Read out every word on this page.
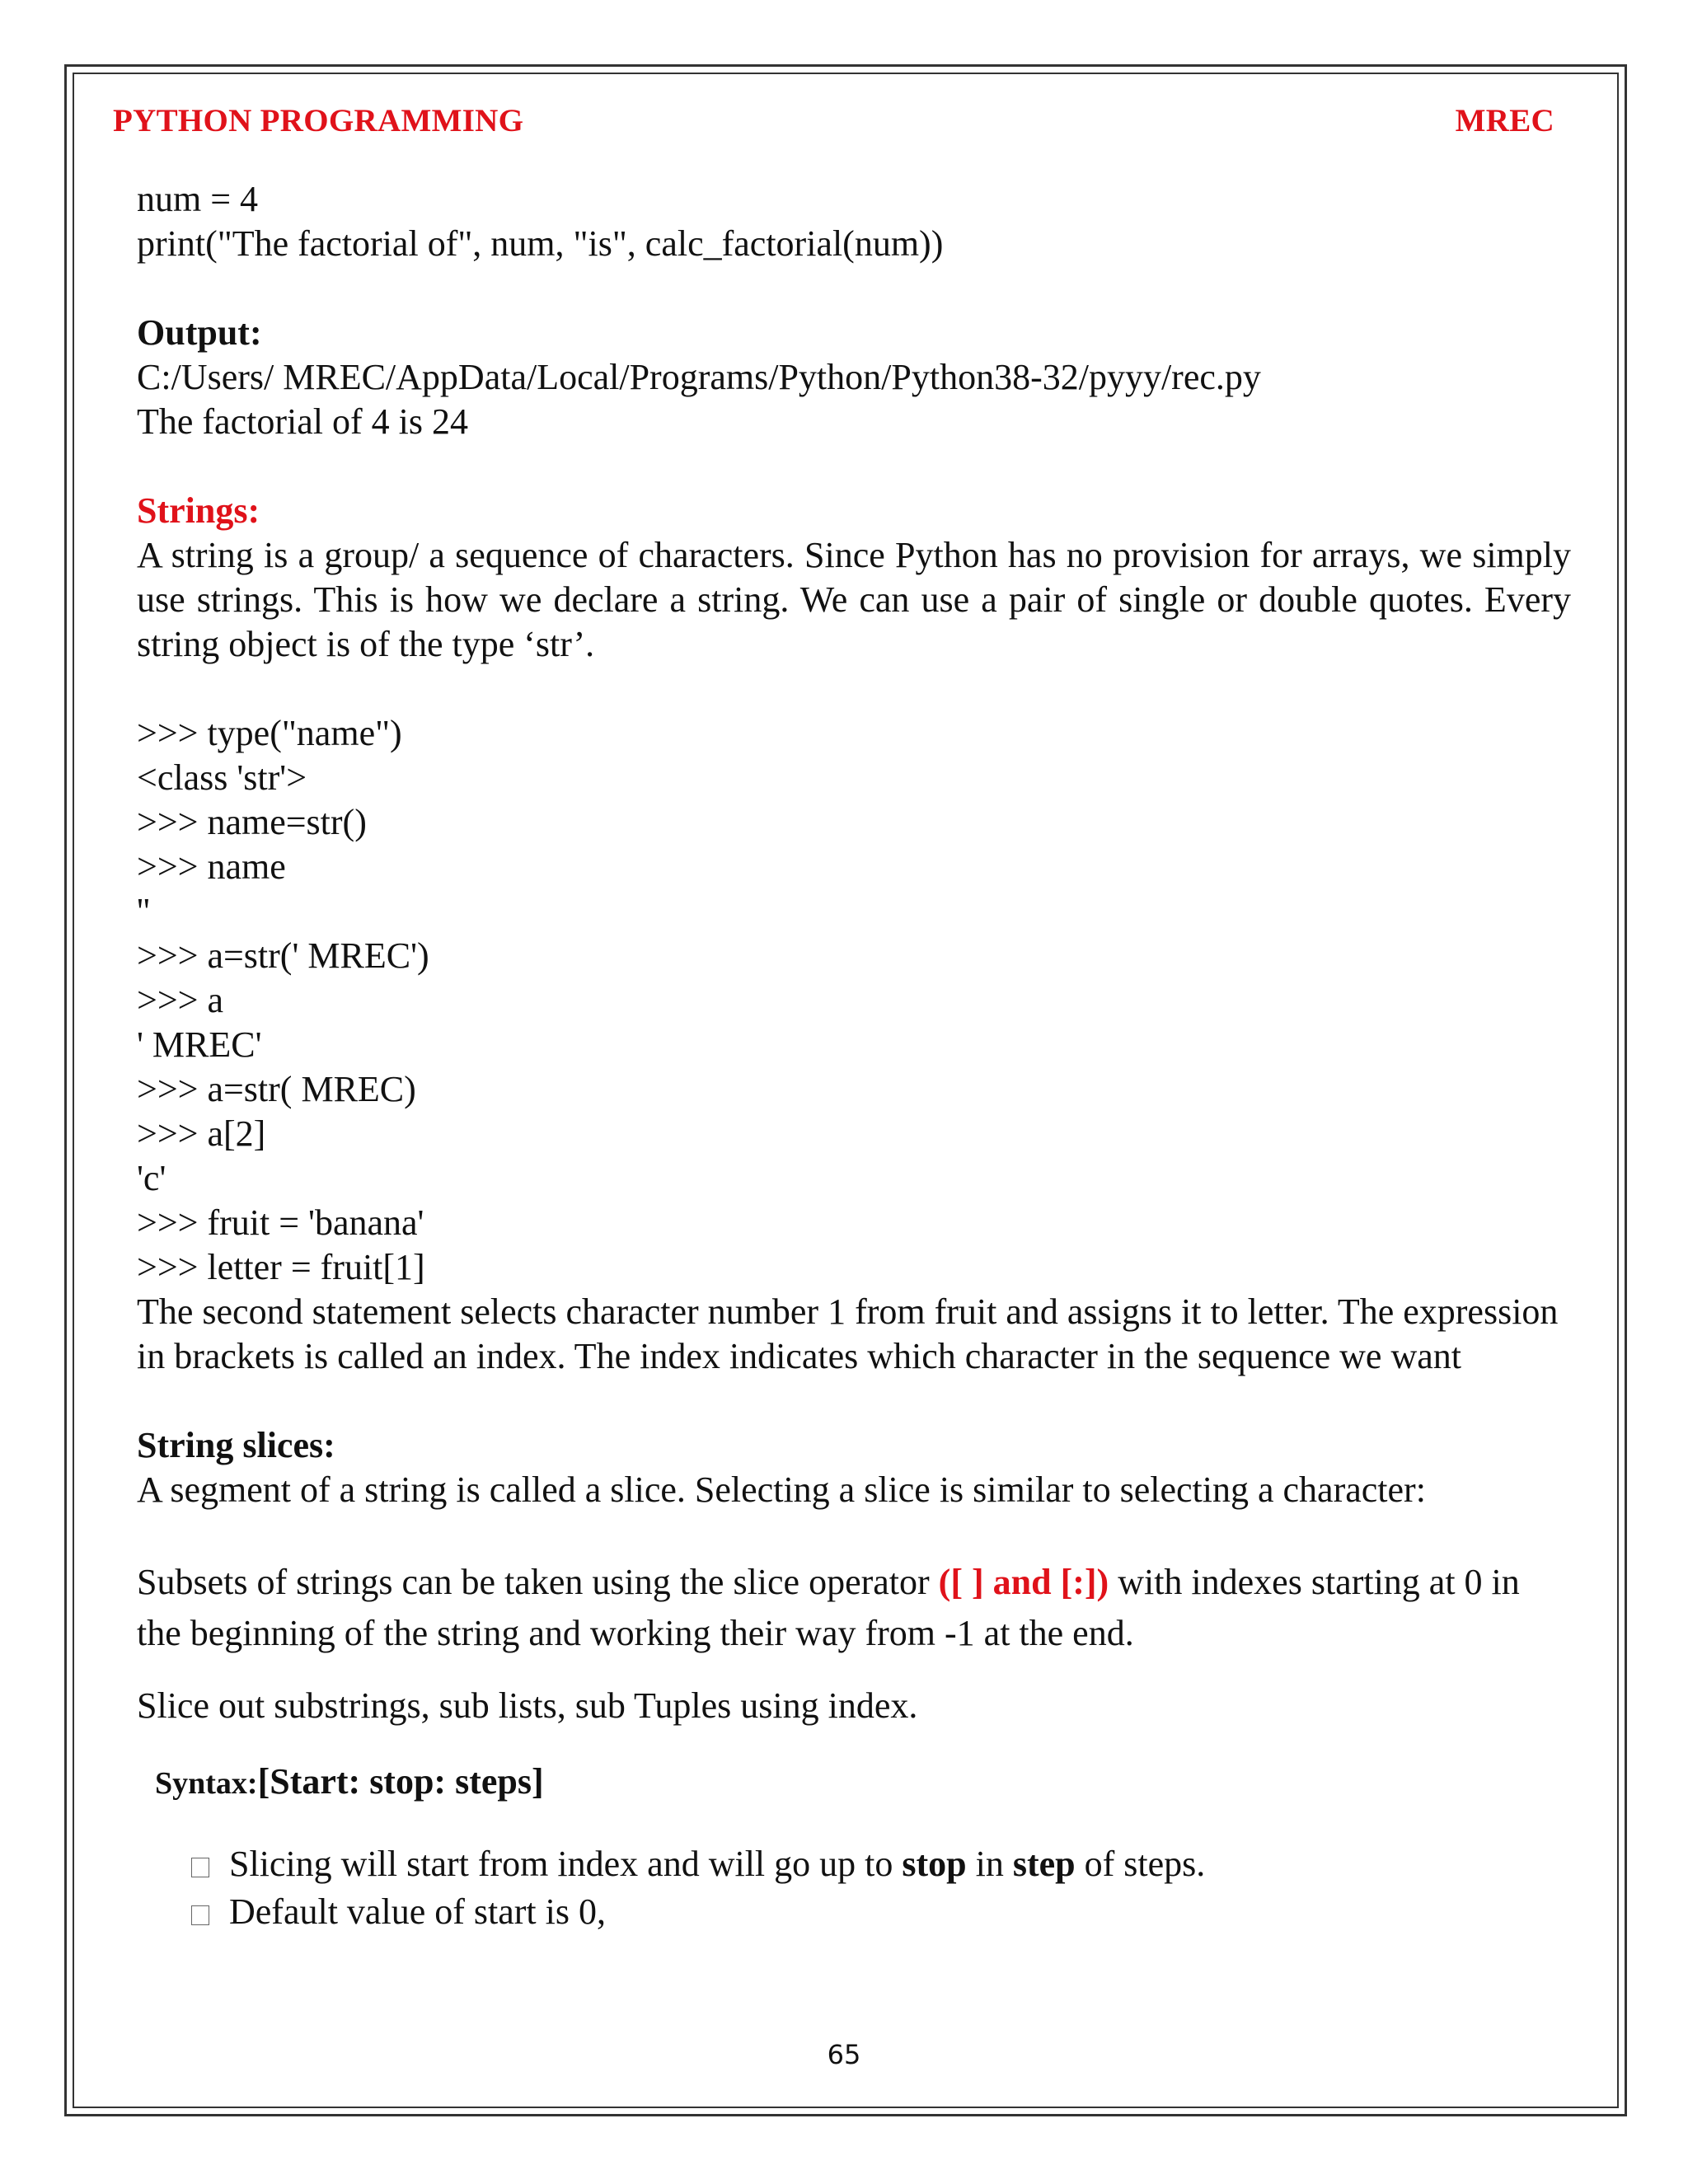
PYTHON PROGRAMMING	MREC
num = 4
print("The factorial of", num, "is", calc_factorial(num))
Output:
C:/Users/ MREC/AppData/Local/Programs/Python/Python38-32/pyyy/rec.py
The factorial of 4 is 24
Strings:
A string is a group/ a sequence of characters. Since Python has no provision for arrays, we simply use strings. This is how we declare a string. We can use a pair of single or double quotes. Every string object is of the type ‘str’.
>>> type("name")
<class 'str'>
>>> name=str()
>>> name
''
>>> a=str(' MREC')
>>> a
' MREC'
>>> a=str( MREC)
>>> a[2]
'c'
>>> fruit = 'banana'
>>> letter = fruit[1]
The second statement selects character number 1 from fruit and assigns it to letter. The expression in brackets is called an index. The index indicates which character in the sequence we want
String slices:
A segment of a string is called a slice. Selecting a slice is similar to selecting a character:
Subsets of strings can be taken using the slice operator ([ ] and [:]) with indexes starting at 0 in the beginning of the string and working their way from -1 at the end.
Slice out substrings, sub lists, sub Tuples using index.
Syntax:[Start: stop: steps]
Slicing will start from index and will go up to stop in step of steps.
Default value of start is 0,
65
